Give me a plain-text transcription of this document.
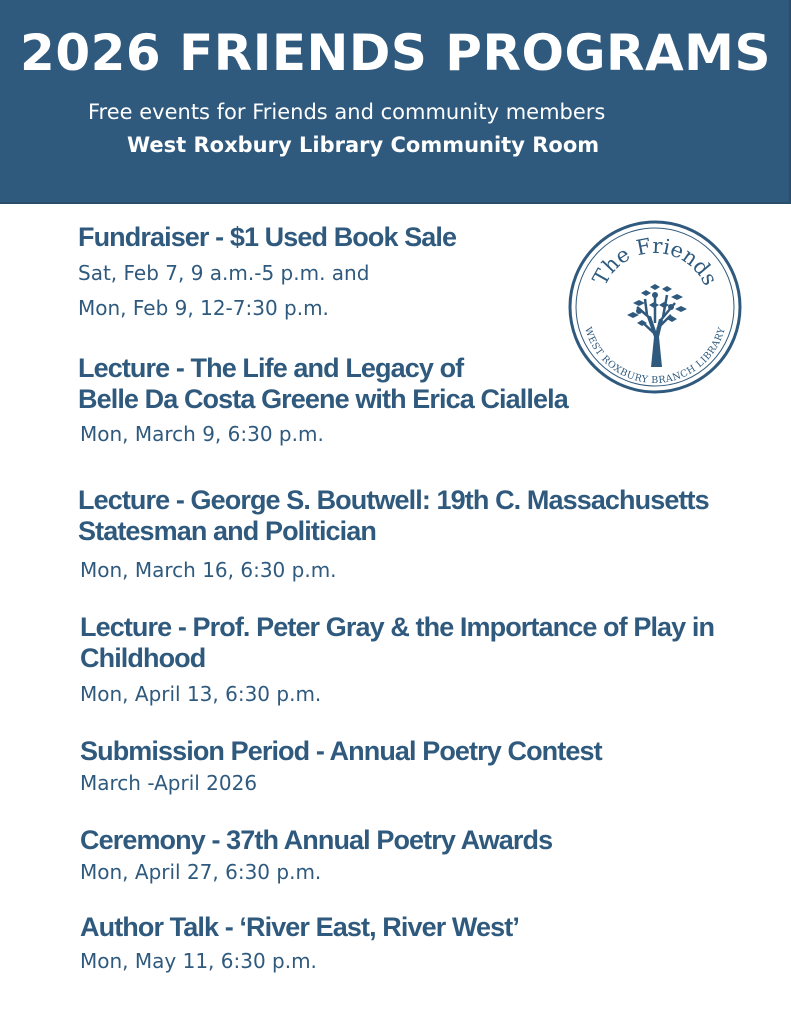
2026 FRIENDS PROGRAMS
Free events for Friends and community members
West Roxbury Library Community Room
Fundraiser - $1 Used Book Sale
Sat, Feb 7, 9 a.m.-5 p.m. and
Mon, Feb 9, 12-7:30 p.m.
Lecture - The Life and Legacy of
Belle Da Costa Greene with Erica Ciallela
Mon, March 9, 6:30 p.m.
Lecture - George S. Boutwell: 19th C. Massachusetts
Statesman and Politician
Mon, March 16, 6:30 p.m.
Lecture - Prof. Peter Gray & the Importance of Play in
Childhood
Mon, April 13, 6:30 p.m.
Submission Period - Annual Poetry Contest
March -April 2026
Ceremony - 37th Annual Poetry Awards
Mon, April 27, 6:30 p.m.
Author Talk - ‘River East, River West’
Mon, May 11, 6:30 p.m.
The Friends
WEST ROXBURY BRANCH LIBRARY
